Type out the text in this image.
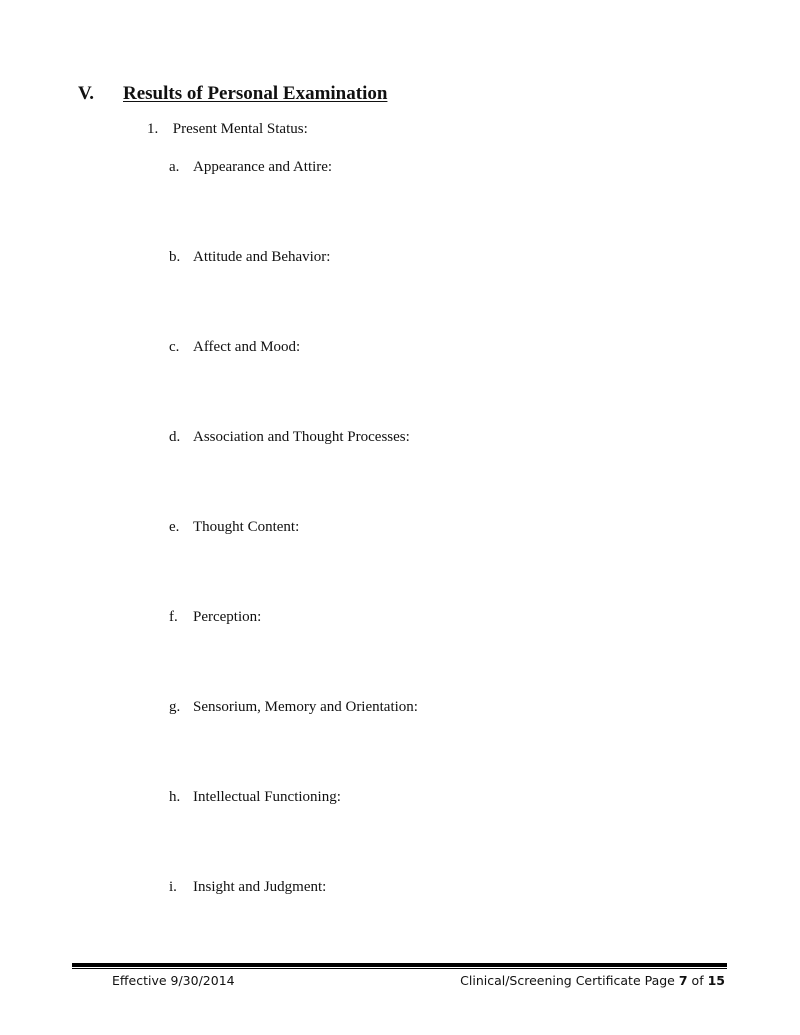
V. Results of Personal Examination
1. Present Mental Status:
a. Appearance and Attire:
b. Attitude and Behavior:
c. Affect and Mood:
d. Association and Thought Processes:
e. Thought Content:
f. Perception:
g. Sensorium, Memory and Orientation:
h. Intellectual Functioning:
i. Insight and Judgment:
Effective 9/30/2014	Clinical/Screening Certificate Page 7 of 15
